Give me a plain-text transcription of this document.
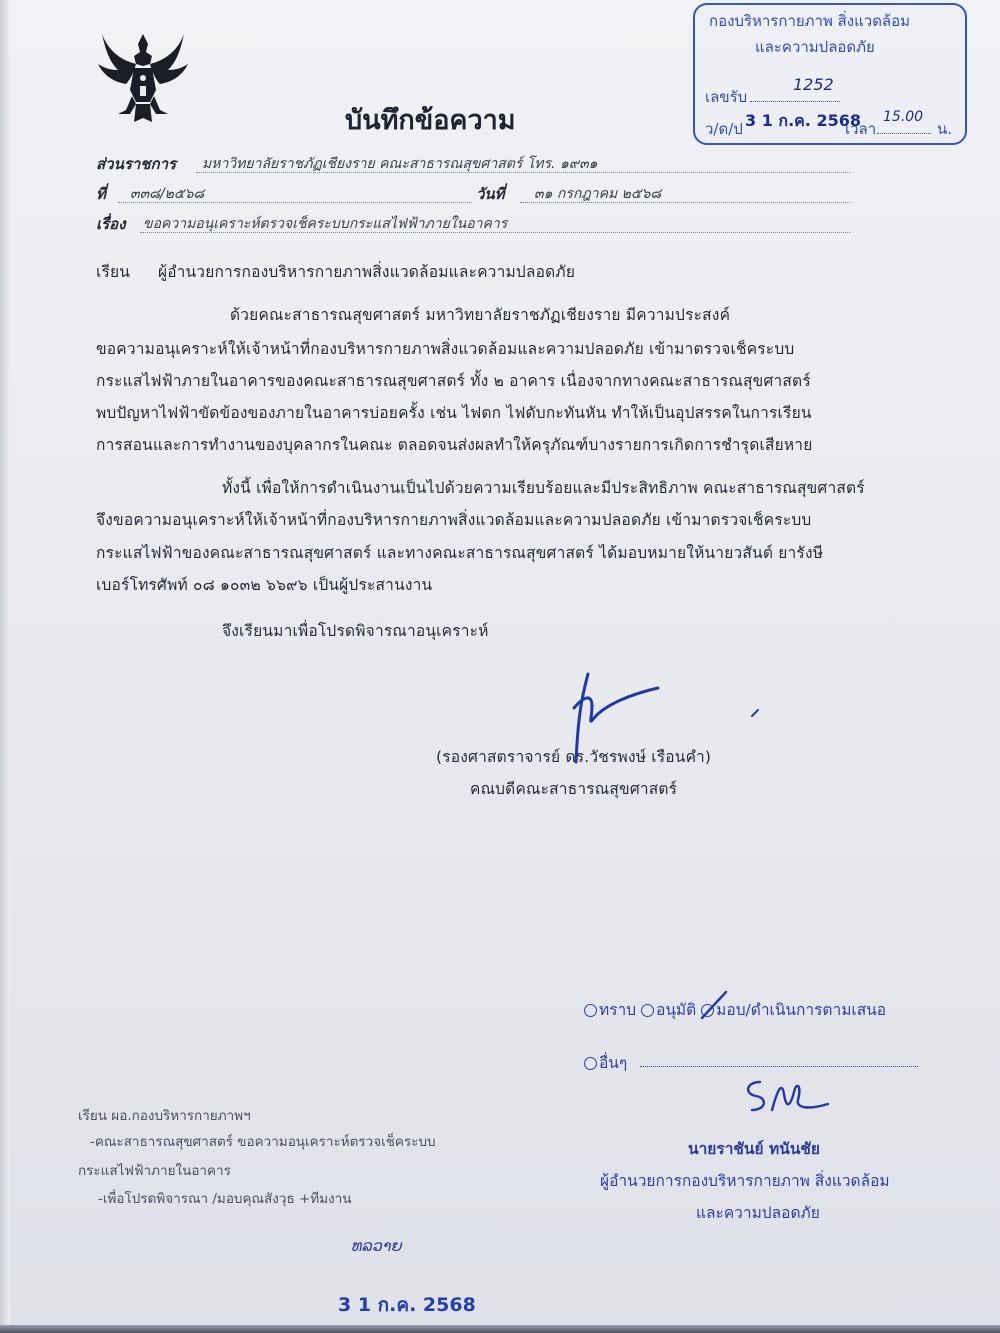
บันทึกข้อความ
กองบริหารกายภาพ สิ่งแวดล้อม
และความปลอดภัย
เลขรับ
1252
ว/ด/ป 3 1 ก.ค. 2568
เวลา
15.00
น.
ส่วนราชการ มหาวิทยาลัยราชภัฏเชียงราย คณะสาธารณสุขศาสตร์ โทร. ๑๙๓๑
ที่ ๓๓๘/๒๕๖๘	วันที่ ๓๑ กรกฎาคม ๒๕๖๘
เรื่อง ขอความอนุเคราะห์ตรวจเช็คระบบกระแสไฟฟ้าภายในอาคาร
เรียน ผู้อำนวยการกองบริหารกายภาพสิ่งแวดล้อมและความปลอดภัย
ด้วยคณะสาธารณสุขศาสตร์ มหาวิทยาลัยราชภัฏเชียงราย มีความประสงค์
ขอความอนุเคราะห์ให้เจ้าหน้าที่กองบริหารกายภาพสิ่งแวดล้อมและความปลอดภัย เข้ามาตรวจเช็คระบบ
กระแสไฟฟ้าภายในอาคารของคณะสาธารณสุขศาสตร์ ทั้ง ๒ อาคาร เนื่องจากทางคณะสาธารณสุขศาสตร์
พบปัญหาไฟฟ้าขัดข้องของภายในอาคารบ่อยครั้ง เช่น ไฟตก ไฟดับกะทันหัน ทำให้เป็นอุปสรรคในการเรียน
การสอนและการทำงานของบุคลากรในคณะ ตลอดจนส่งผลทำให้ครุภัณฑ์บางรายการเกิดการชำรุดเสียหาย
ทั้งนี้ เพื่อให้การดำเนินงานเป็นไปด้วยความเรียบร้อยและมีประสิทธิภาพ คณะสาธารณสุขศาสตร์
จึงขอความอนุเคราะห์ให้เจ้าหน้าที่กองบริหารกายภาพสิ่งแวดล้อมและความปลอดภัย เข้ามาตรวจเช็คระบบ
กระแสไฟฟ้าของคณะสาธารณสุขศาสตร์ และทางคณะสาธารณสุขศาสตร์ ได้มอบหมายให้นายวสันต์ ยารังษี
เบอร์โทรศัพท์ ๐๘ ๑๐๓๒ ๖๖๙๖ เป็นผู้ประสานงาน
จึงเรียนมาเพื่อโปรดพิจารณาอนุเคราะห์
(รองศาสตราจารย์ ดร.วัชรพงษ์ เรือนคำ)
คณบดีคณะสาธารณสุขศาสตร์
ทราบ อนุมัติ มอบ/ดำเนินการตามเสนอ
อื่นๆ
นายราชันย์ ทนันชัย
ผู้อำนวยการกองบริหารกายภาพ สิ่งแวดล้อม
และความปลอดภัย
เรียน ผอ.กองบริหารกายภาพฯ
-คณะสาธารณสุขศาสตร์ ขอความอนุเคราะห์ตรวจเช็คระบบ
กระแสไฟฟ้าภายในอาคาร
-เพื่อโปรดพิจารณา /มอบคุณสังวุธ +ทีมงาน
ທລວາຍ
3 1 ก.ค. 2568
